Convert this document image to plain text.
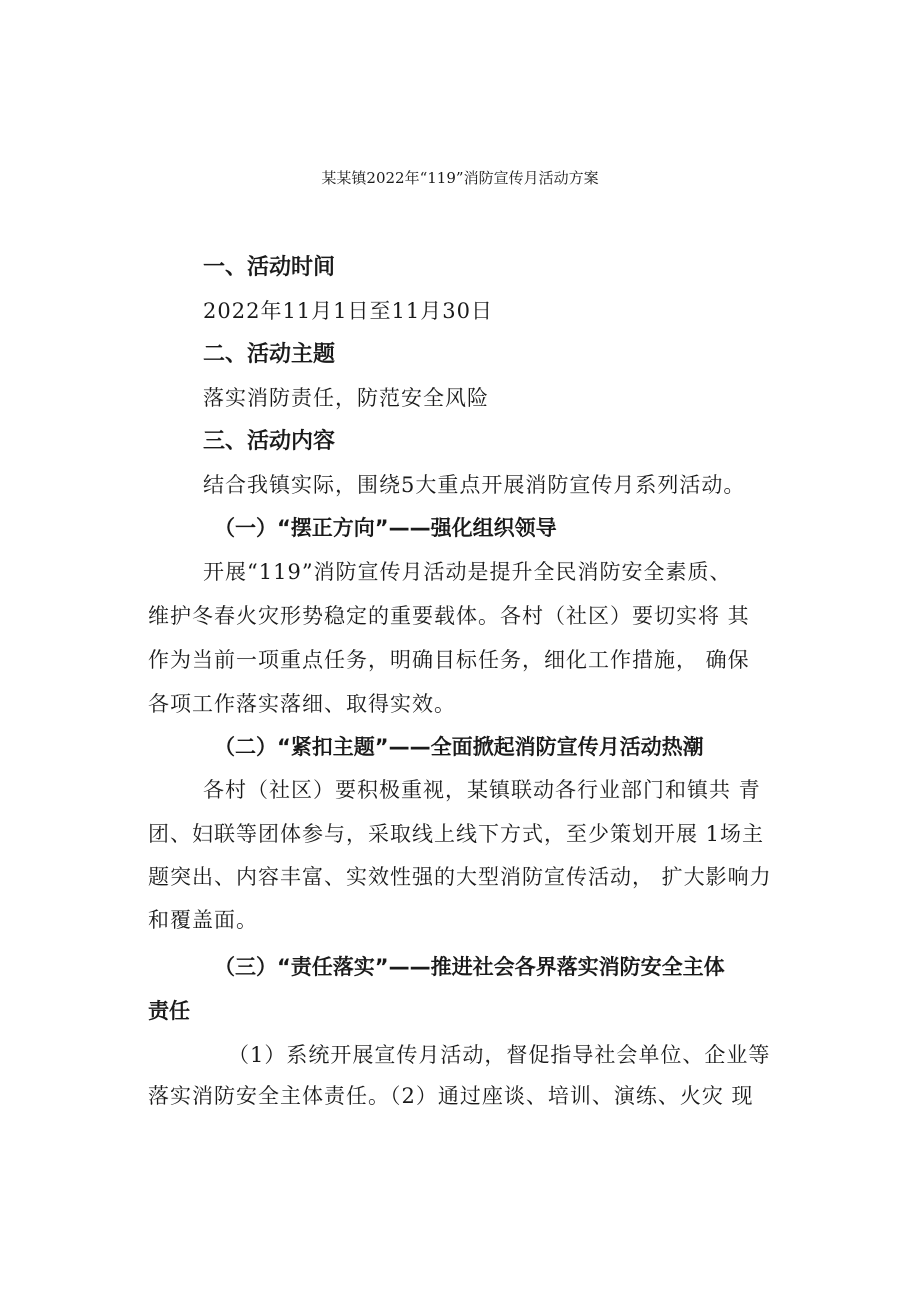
某某镇2022年“119”消防宣传月活动方案
一、活动时间
2022年11月1日至11月30日
二、活动主题
落实消防责任，防范安全风险
三、活动内容
结合我镇实际，围绕5大重点开展消防宣传月系列活动。
（一）“摆正方向”——强化组织领导
开展“119”消防宣传月活动是提升全民消防安全素质、
维护冬春火灾形势稳定的重要载体。各村（社区）要切实将 其
作为当前一项重点任务，明确目标任务，细化工作措施， 确保
各项工作落实落细、取得实效。
（二）“紧扣主题”——全面掀起消防宣传月活动热潮
各村（社区）要积极重视，某镇联动各行业部门和镇共 青
团、妇联等团体参与，采取线上线下方式，至少策划开展 1场主
题突出、内容丰富、实效性强的大型消防宣传活动， 扩大影响力
和覆盖面。
（三）“责任落实”——推进社会各界落实消防安全主体
责任
（1）系统开展宣传月活动，督促指导社会单位、企业等
落实消防安全主体责任。（2）通过座谈、培训、演练、火灾 现
